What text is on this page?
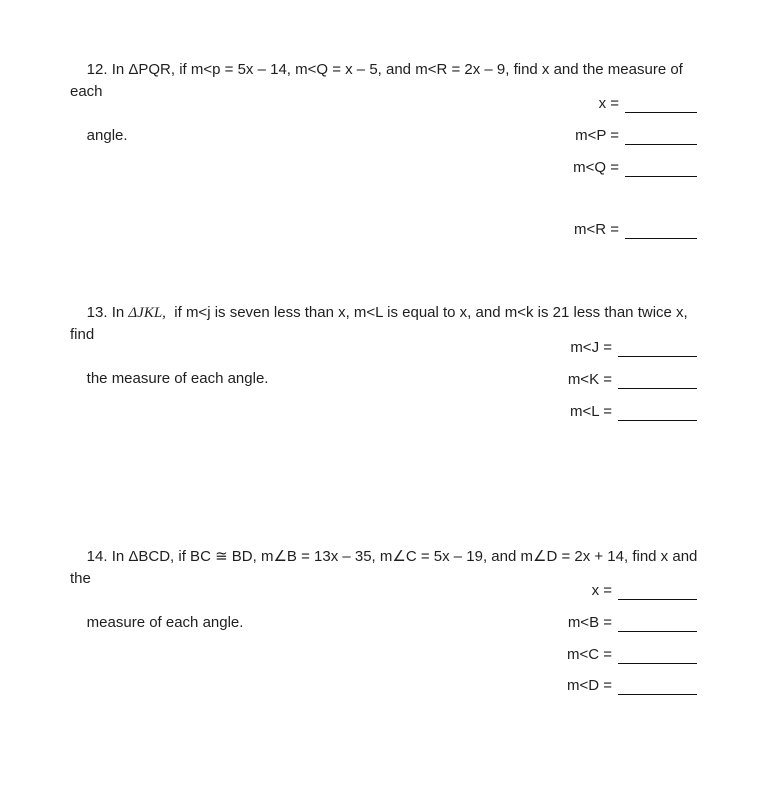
12. In ΔPQR, if m<p = 5x – 14, m<Q = x – 5, and m<R = 2x – 9, find x and the measure of each

angle.

x =
m<P =
m<Q =
m<R =

13. In ΔJKL,  if m<j is seven less than x, m<L is equal to x, and m<k is 21 less than twice x, find

the measure of each angle.

m<J =
m<K =
m<L =

14. In ΔBCD, if BC ≅ BD, m∠B = 13x – 35, m∠C = 5x – 19, and m∠D = 2x + 14, find x and the

measure of each angle.

x =
m<B =
m<C =
m<D =
